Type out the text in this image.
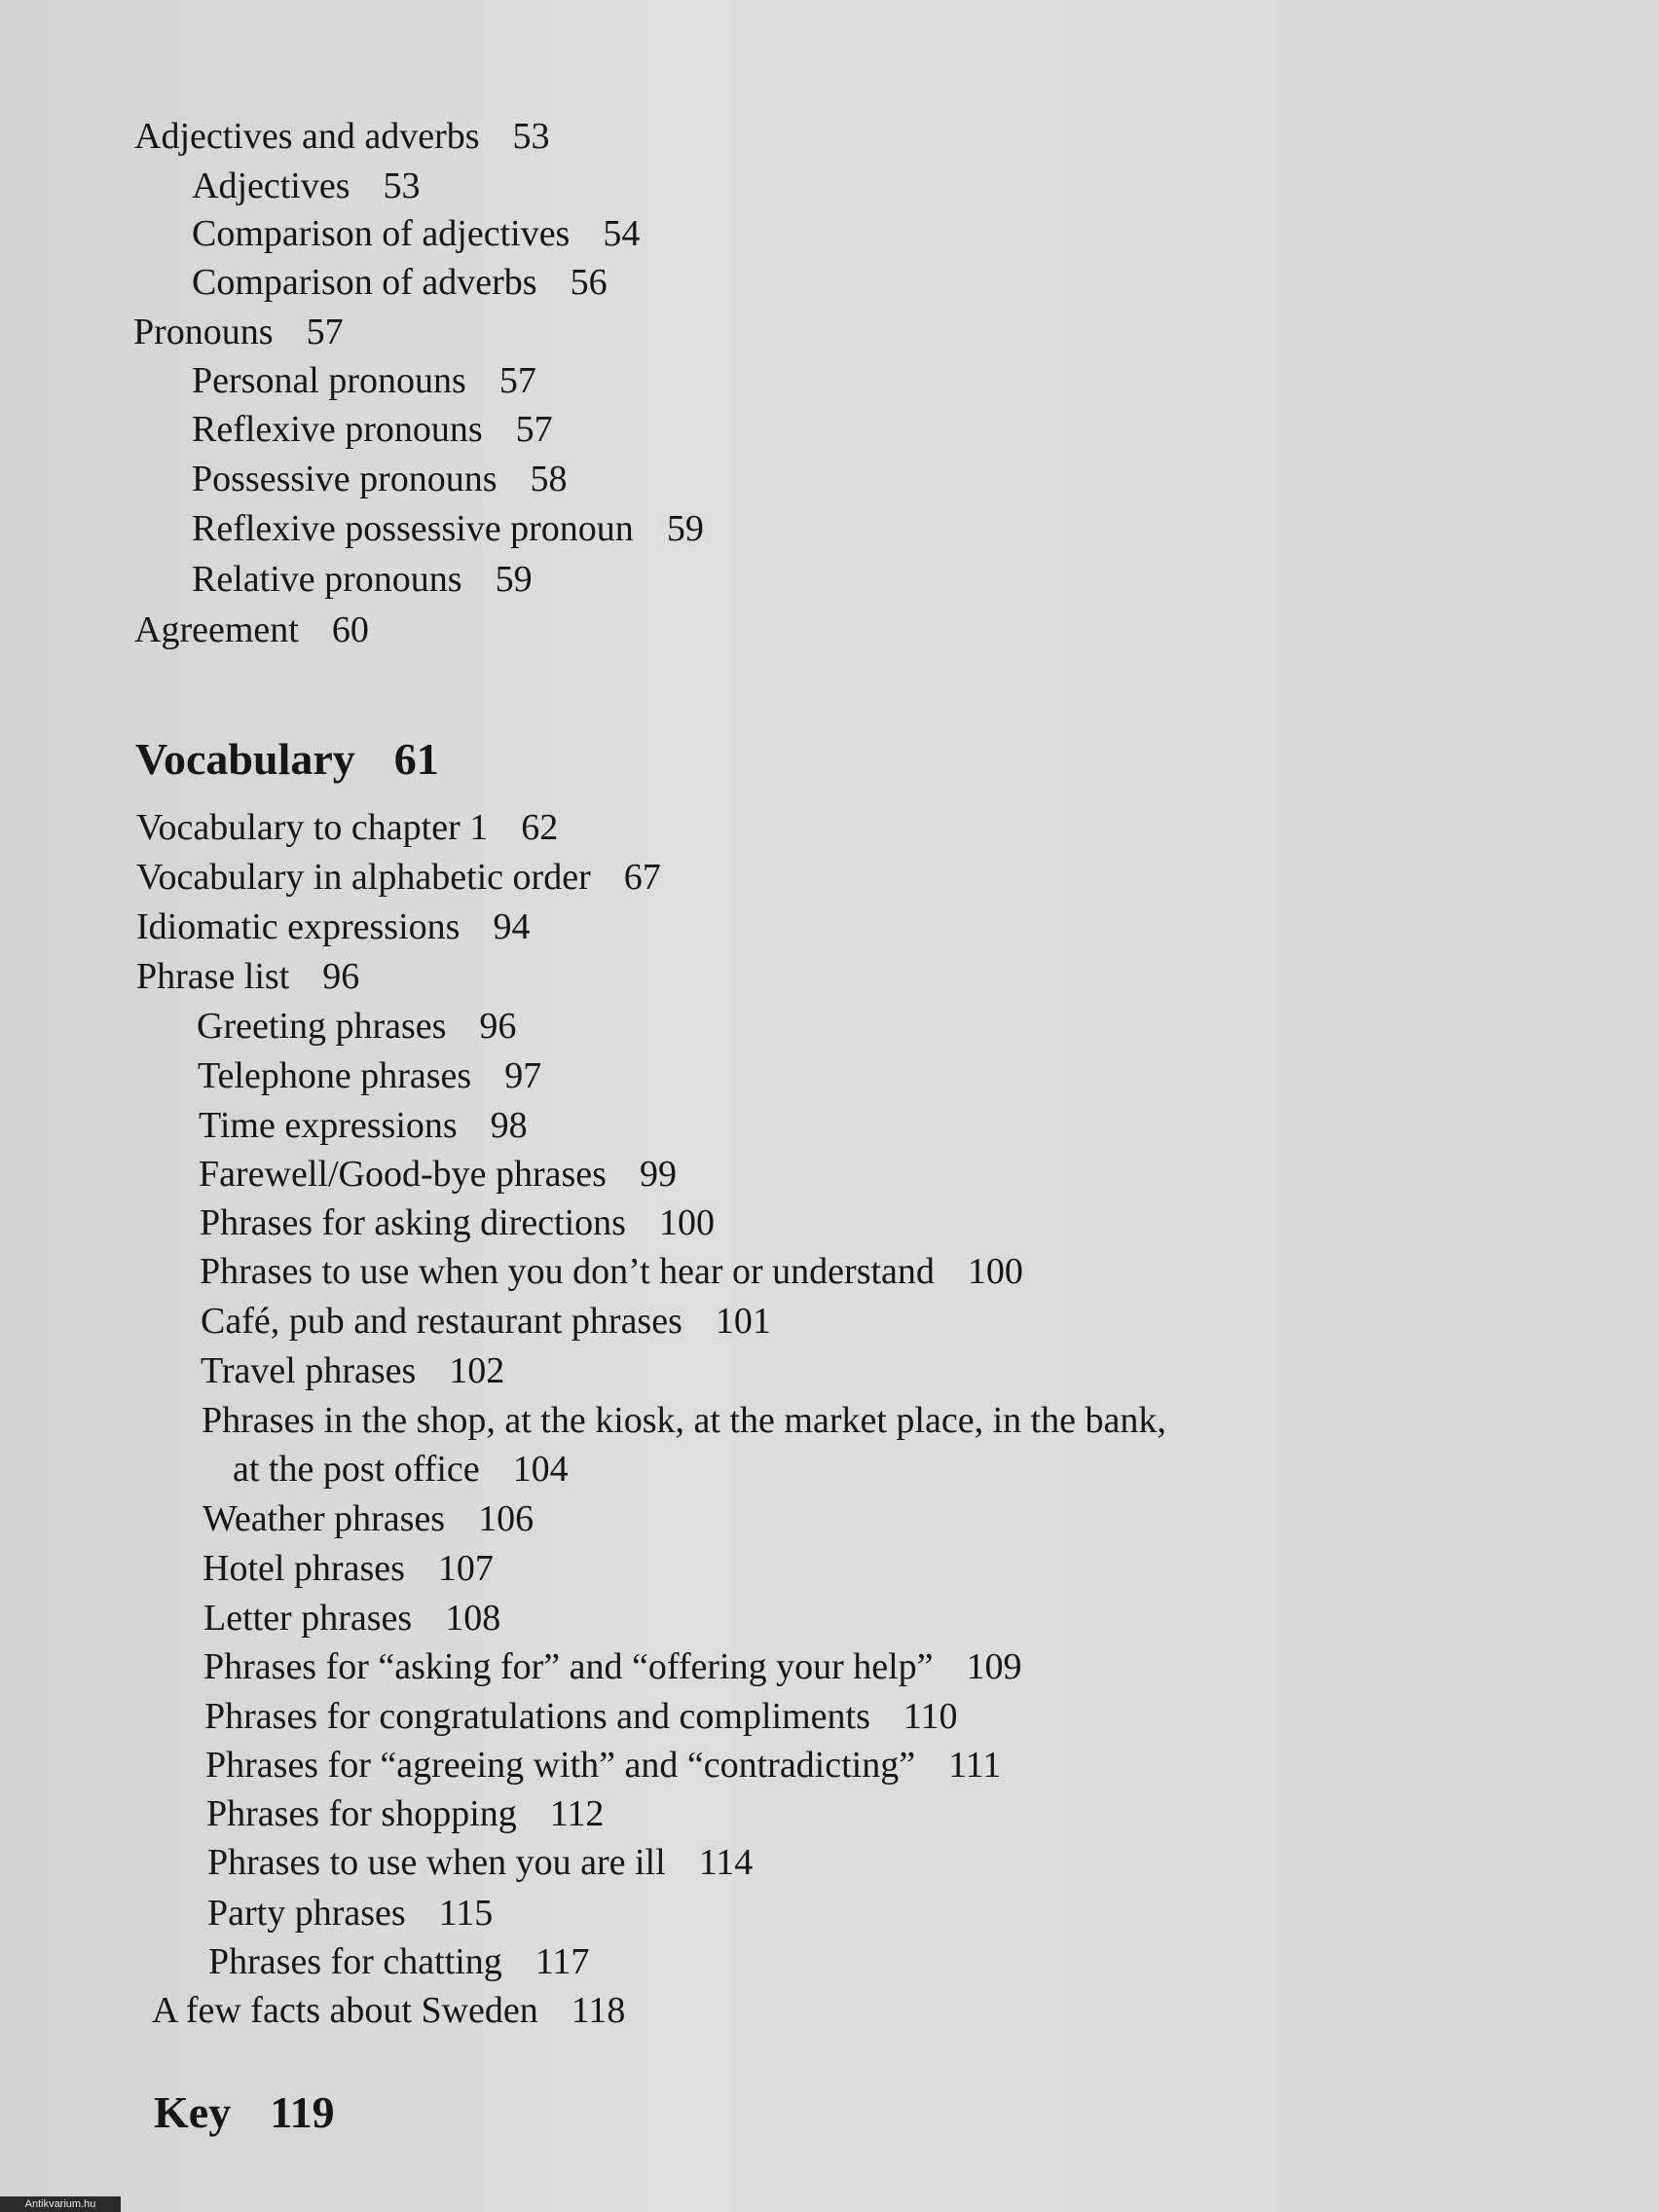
Adjectives and adverbs 53
Adjectives 53
Comparison of adjectives 54
Comparison of adverbs 56
Pronouns 57
Personal pronouns 57
Reflexive pronouns 57
Possessive pronouns 58
Reflexive possessive pronoun 59
Relative pronouns 59
Agreement 60
Vocabulary 61
Vocabulary to chapter 1 62
Vocabulary in alphabetic order 67
Idiomatic expressions 94
Phrase list 96
Greeting phrases 96
Telephone phrases 97
Time expressions 98
Farewell/Good-bye phrases 99
Phrases for asking directions 100
Phrases to use when you don’t hear or understand 100
Café, pub and restaurant phrases 101
Travel phrases 102
Phrases in the shop, at the kiosk, at the market place, in the bank,
at the post office 104
Weather phrases 106
Hotel phrases 107
Letter phrases 108
Phrases for “asking for” and “offering your help” 109
Phrases for congratulations and compliments 110
Phrases for “agreeing with” and “contradicting” 111
Phrases for shopping 112
Phrases to use when you are ill 114
Party phrases 115
Phrases for chatting 117
A few facts about Sweden 118
Key 119
Antikvarium.hu
